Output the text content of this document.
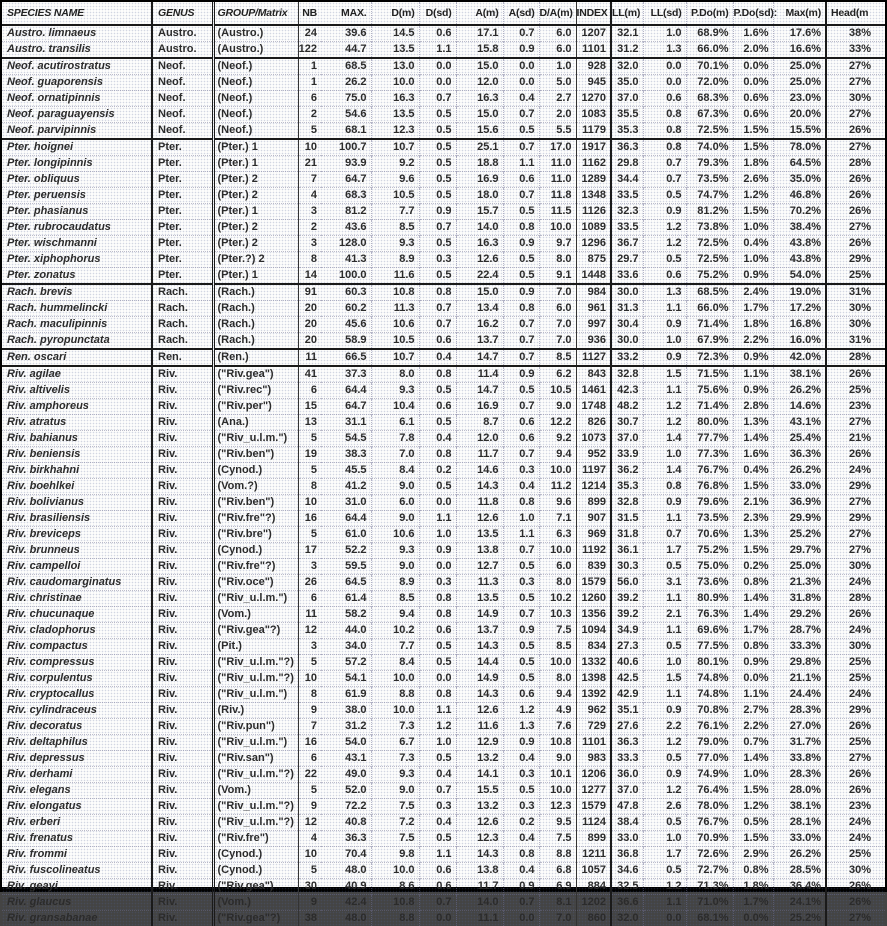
SPECIES NAME	GENUS	GROUP/Matrix	NB	MAX.	D(m)	D(sd)	A(m)	A(sd)	D/A(m)	INDEX	LL(m)	LL(sd)	P.Do(m)	P.Do(sd):	Max(m)	Head(m
Austro. limnaeus	Austro.	(Austro.)	24	39.6	14.5	0.6	17.1	0.7	6.0	1207	32.1	1.0	68.9%	1.6%	17.6%	38%
Austro. transilis	Austro.	(Austro.)	122	44.7	13.5	1.1	15.8	0.9	6.0	1101	31.2	1.3	66.0%	2.0%	16.6%	33%
Neof. acutirostratus	Neof.	(Neof.)	1	68.5	13.0	0.0	15.0	0.0	1.0	928	32.0	0.0	70.1%	0.0%	25.0%	27%
Neof. guaporensis	Neof.	(Neof.)	1	26.2	10.0	0.0	12.0	0.0	5.0	945	35.0	0.0	72.0%	0.0%	25.0%	27%
Neof. ornatipinnis	Neof.	(Neof.)	6	75.0	16.3	0.7	16.3	0.4	2.7	1270	37.0	0.6	68.3%	0.6%	23.0%	30%
Neof. paraguayensis	Neof.	(Neof.)	2	54.6	13.5	0.5	15.0	0.7	2.0	1083	35.5	0.8	67.3%	0.6%	20.0%	27%
Neof. parvipinnis	Neof.	(Neof.)	5	68.1	12.3	0.5	15.6	0.5	5.5	1179	35.3	0.8	72.5%	1.5%	15.5%	26%
Pter. hoignei	Pter.	(Pter.) 1	10	100.7	10.7	0.5	25.1	0.7	17.0	1917	36.3	0.8	74.0%	1.5%	78.0%	27%
Pter. longipinnis	Pter.	(Pter.) 1	21	93.9	9.2	0.5	18.8	1.1	11.0	1162	29.8	0.7	79.3%	1.8%	64.5%	28%
Pter. obliquus	Pter.	(Pter.) 2	7	64.7	9.6	0.5	16.9	0.6	11.0	1289	34.4	0.7	73.5%	2.6%	35.0%	26%
Pter. peruensis	Pter.	(Pter.) 2	4	68.3	10.5	0.5	18.0	0.7	11.8	1348	33.5	0.5	74.7%	1.2%	46.8%	26%
Pter. phasianus	Pter.	(Pter.) 1	3	81.2	7.7	0.9	15.7	0.5	11.5	1126	32.3	0.9	81.2%	1.5%	70.2%	26%
Pter. rubrocaudatus	Pter.	(Pter.) 2	2	43.6	8.5	0.7	14.0	0.8	10.0	1089	33.5	1.2	73.8%	1.0%	38.4%	27%
Pter. wischmanni	Pter.	(Pter.) 2	3	128.0	9.3	0.5	16.3	0.9	9.7	1296	36.7	1.2	72.5%	0.4%	43.8%	26%
Pter. xiphophorus	Pter.	(Pter.?) 2	8	41.3	8.9	0.3	12.6	0.5	8.0	875	29.7	0.5	72.5%	1.0%	43.8%	29%
Pter. zonatus	Pter.	(Pter.) 1	14	100.0	11.6	0.5	22.4	0.5	9.1	1448	33.6	0.6	75.2%	0.9%	54.0%	25%
Rach. brevis	Rach.	(Rach.)	91	60.3	10.8	0.8	15.0	0.9	7.0	984	30.0	1.3	68.5%	2.4%	19.0%	31%
Rach. hummelincki	Rach.	(Rach.)	20	60.2	11.3	0.7	13.4	0.8	6.0	961	31.3	1.1	66.0%	1.7%	17.2%	30%
Rach. maculipinnis	Rach.	(Rach.)	20	45.6	10.6	0.7	16.2	0.7	7.0	997	30.4	0.9	71.4%	1.8%	16.8%	30%
Rach. pyropunctata	Rach.	(Rach.)	20	58.9	10.5	0.6	13.7	0.7	7.0	936	30.0	1.0	67.9%	2.2%	16.0%	31%
Ren. oscari	Ren.	(Ren.)	11	66.5	10.7	0.4	14.7	0.7	8.5	1127	33.2	0.9	72.3%	0.9%	42.0%	28%
Riv. agilae	Riv.	("Riv.gea")	41	37.3	8.0	0.8	11.4	0.9	6.2	843	32.8	1.5	71.5%	1.1%	38.1%	26%
Riv. altivelis	Riv.	("Riv.rec")	6	64.4	9.3	0.5	14.7	0.5	10.5	1461	42.3	1.1	75.6%	0.9%	26.2%	25%
Riv. amphoreus	Riv.	("Riv.per")	15	64.7	10.4	0.6	16.9	0.7	9.0	1748	48.2	1.2	71.4%	2.8%	14.6%	23%
Riv. atratus	Riv.	(Ana.)	13	31.1	6.1	0.5	8.7	0.6	12.2	826	30.7	1.2	80.0%	1.3%	43.1%	27%
Riv. bahianus	Riv.	("Riv_u.l.m.")	5	54.5	7.8	0.4	12.0	0.6	9.2	1073	37.0	1.4	77.7%	1.4%	25.4%	21%
Riv. beniensis	Riv.	("Riv.ben")	19	38.3	7.0	0.8	11.7	0.7	9.4	952	33.9	1.0	77.3%	1.6%	36.3%	26%
Riv. birkhahni	Riv.	(Cynod.)	5	45.5	8.4	0.2	14.6	0.3	10.0	1197	36.2	1.4	76.7%	0.4%	26.2%	24%
Riv. boehlkei	Riv.	(Vom.?)	8	41.2	9.0	0.5	14.3	0.4	11.2	1214	35.3	0.8	76.8%	1.5%	33.0%	29%
Riv. bolivianus	Riv.	("Riv.ben")	10	31.0	6.0	0.0	11.8	0.8	9.6	899	32.8	0.9	79.6%	2.1%	36.9%	27%
Riv. brasiliensis	Riv.	("Riv.fre"?)	16	64.4	9.0	1.1	12.6	1.0	7.1	907	31.5	1.1	73.5%	2.3%	29.9%	29%
Riv. breviceps	Riv.	("Riv.bre")	5	61.0	10.6	1.0	13.5	1.1	6.3	969	31.8	0.7	70.6%	1.3%	25.2%	27%
Riv. brunneus	Riv.	(Cynod.)	17	52.2	9.3	0.9	13.8	0.7	10.0	1192	36.1	1.7	75.2%	1.5%	29.7%	27%
Riv. campelloi	Riv.	("Riv.fre"?)	3	59.5	9.0	0.0	12.7	0.5	6.0	839	30.3	0.5	75.0%	0.2%	25.0%	30%
Riv. caudomarginatus	Riv.	("Riv.oce")	26	64.5	8.9	0.3	11.3	0.3	8.0	1579	56.0	3.1	73.6%	0.8%	21.3%	24%
Riv. christinae	Riv.	("Riv_u.l.m.")	6	61.4	8.5	0.8	13.5	0.5	10.2	1260	39.2	1.1	80.9%	1.4%	31.8%	28%
Riv. chucunaque	Riv.	(Vom.)	11	58.2	9.4	0.8	14.9	0.7	10.3	1356	39.2	2.1	76.3%	1.4%	29.2%	26%
Riv. cladophorus	Riv.	("Riv.gea"?)	12	44.0	10.2	0.6	13.7	0.9	7.5	1094	34.9	1.1	69.6%	1.7%	28.7%	24%
Riv. compactus	Riv.	(Pit.)	3	34.0	7.7	0.5	14.3	0.5	8.5	834	27.3	0.5	77.5%	0.8%	33.3%	30%
Riv. compressus	Riv.	("Riv_u.l.m."?)	5	57.2	8.4	0.5	14.4	0.5	10.0	1332	40.6	1.0	80.1%	0.9%	29.8%	25%
Riv. corpulentus	Riv.	("Riv_u.l.m."?)	10	54.1	10.0	0.0	14.9	0.5	8.0	1398	42.5	1.5	74.8%	0.0%	21.1%	25%
Riv. cryptocallus	Riv.	("Riv_u.l.m.")	8	61.9	8.8	0.8	14.3	0.6	9.4	1392	42.9	1.1	74.8%	1.1%	24.4%	24%
Riv. cylindraceus	Riv.	(Riv.)	9	38.0	10.0	1.1	12.6	1.2	4.9	962	35.1	0.9	70.8%	2.7%	28.3%	29%
Riv. decoratus	Riv.	("Riv.pun")	7	31.2	7.3	1.2	11.6	1.3	7.6	729	27.6	2.2	76.1%	2.2%	27.0%	26%
Riv. deltaphilus	Riv.	("Riv_u.l.m.")	16	54.0	6.7	1.0	12.9	0.9	10.8	1101	36.3	1.2	79.0%	0.7%	31.7%	25%
Riv. depressus	Riv.	("Riv.san")	6	43.1	7.3	0.5	13.2	0.4	9.0	983	33.3	0.5	77.0%	1.4%	33.8%	27%
Riv. derhami	Riv.	("Riv_u.l.m."?)	22	49.0	9.3	0.4	14.1	0.3	10.1	1206	36.0	0.9	74.9%	1.0%	28.3%	26%
Riv. elegans	Riv.	(Vom.)	5	52.0	9.0	0.7	15.5	0.5	10.0	1277	37.0	1.2	76.4%	1.5%	28.0%	26%
Riv. elongatus	Riv.	("Riv_u.l.m."?)	9	72.2	7.5	0.3	13.2	0.3	12.3	1579	47.8	2.6	78.0%	1.2%	38.1%	23%
Riv. erberi	Riv.	("Riv_u.l.m."?)	12	40.8	7.2	0.4	12.6	0.2	9.5	1124	38.4	0.5	76.7%	0.5%	28.1%	24%
Riv. frenatus	Riv.	("Riv.fre")	4	36.3	7.5	0.5	12.3	0.4	7.5	899	33.0	1.0	70.9%	1.5%	33.0%	24%
Riv. frommi	Riv.	(Cynod.)	10	70.4	9.8	1.1	14.3	0.8	8.8	1211	36.8	1.7	72.6%	2.9%	26.2%	25%
Riv. fuscolineatus	Riv.	(Cynod.)	5	48.0	10.0	0.6	13.8	0.4	6.8	1057	34.6	0.5	72.7%	0.8%	28.5%	30%
Riv. geayi	Riv.	("Riv.gea")	30	40.9	8.6	0.6	11.7	0.9	6.9	884	32.5	1.2	71.3%	1.8%	36.4%	26%
Riv. glaucus	Riv.	(Vom.)	9	42.4	10.8	0.7	14.0	0.7	8.1	1202	36.6	1.1	71.0%	1.7%	24.1%	26%
Riv. gransabanae	Riv.	("Riv.gea"?)	38	48.0	8.8	0.0	11.1	0.0	7.0	860	32.0	0.0	68.1%	0.0%	25.2%	27%
